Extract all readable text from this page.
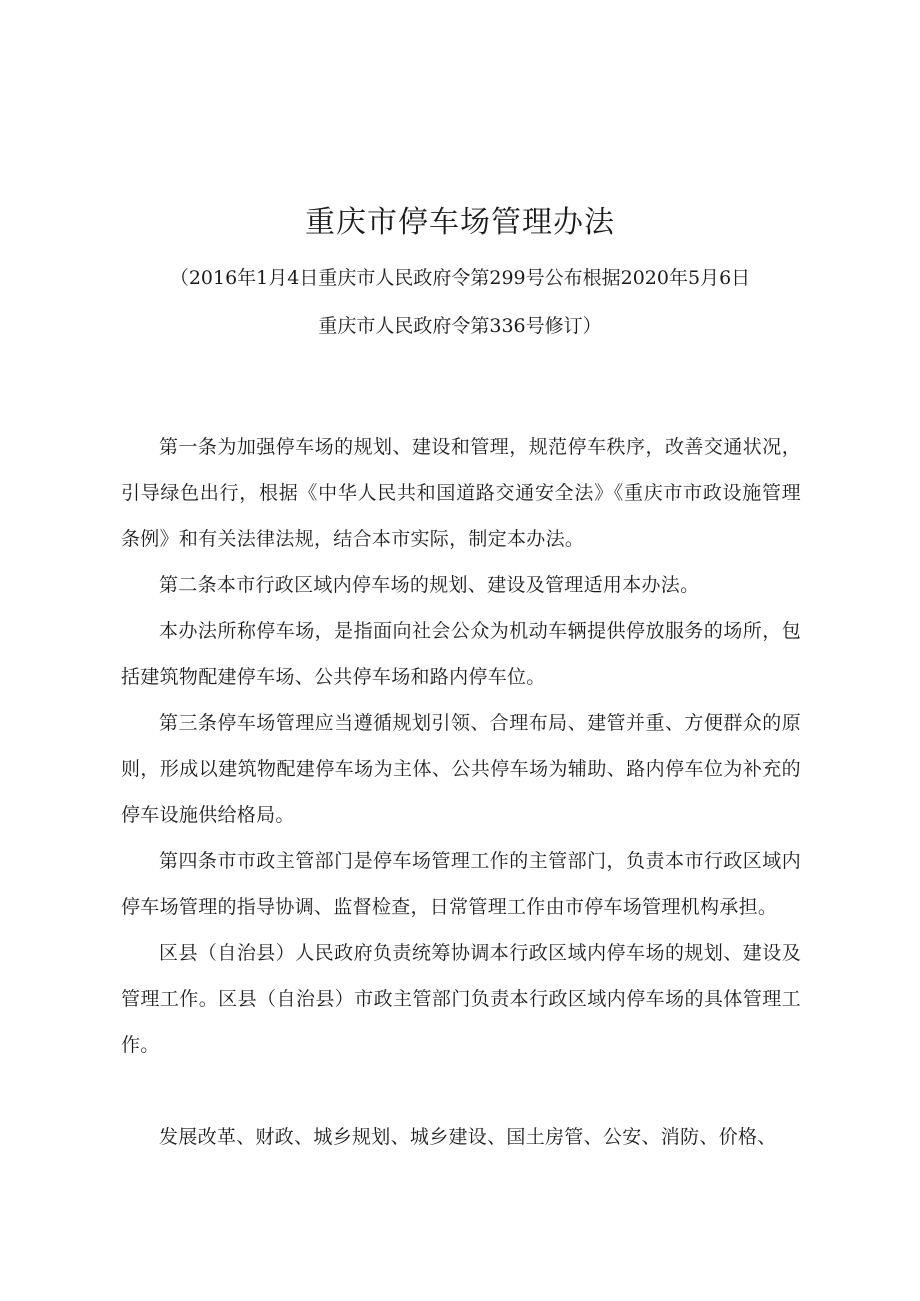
重庆市停车场管理办法
（2016年1月4日重庆市人民政府令第299号公布根据2020年5月6日
重庆市人民政府令第336号修订）

第一条为加强停车场的规划、建设和管理，规范停车秩序，改善交通状况，引导绿色出行，根据《中华人民共和国道路交通安全法》《重庆市市政设施管理条例》和有关法律法规，结合本市实际，制定本办法。

第二条本市行政区域内停车场的规划、建设及管理适用本办法。

本办法所称停车场，是指面向社会公众为机动车辆提供停放服务的场所，包括建筑物配建停车场、公共停车场和路内停车位。

第三条停车场管理应当遵循规划引领、合理布局、建管并重、方便群众的原则，形成以建筑物配建停车场为主体、公共停车场为辅助、路内停车位为补充的停车设施供给格局。

第四条市市政主管部门是停车场管理工作的主管部门，负责本市行政区域内停车场管理的指导协调、监督检查，日常管理工作由市停车场管理机构承担。

区县（自治县）人民政府负责统筹协调本行政区域内停车场的规划、建设及管理工作。区县（自治县）市政主管部门负责本行政区域内停车场的具体管理工作。

发展改革、财政、城乡规划、城乡建设、国土房管、公安、消防、价格、
